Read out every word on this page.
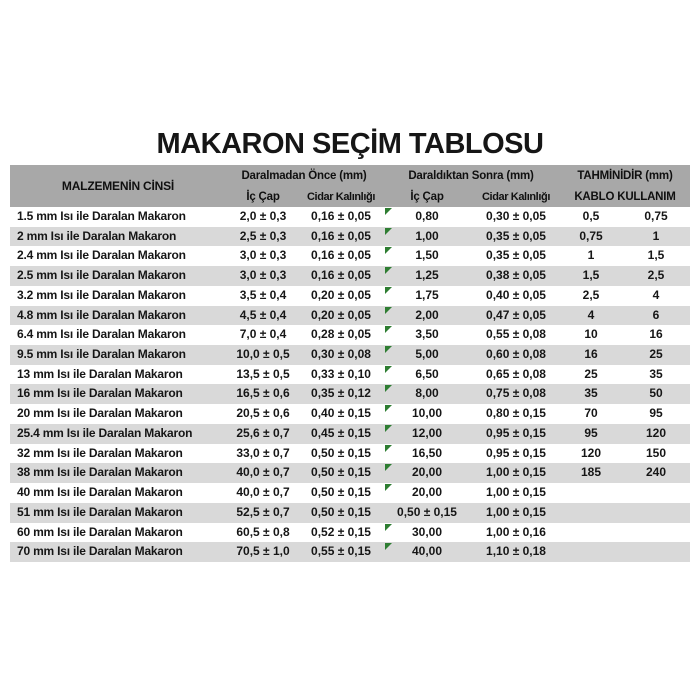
MAKARON SEÇİM TABLOSU
MALZEMENİN CİNSİ
Daralmadan Önce (mm)	Daraldıktan Sonra (mm)	TAHMİNİDİR (mm)
İç Çap	Cidar Kalınlığı	İç Çap	Cidar Kalınlığı	KABLO KULLANIM
1.5 mm Isı ile Daralan Makaron	2,0 ± 0,3	0,16 ± 0,05	0,80	0,30 ± 0,05	0,5	0,75
2 mm Isı ile Daralan Makaron	2,5 ± 0,3	0,16 ± 0,05	1,00	0,35 ± 0,05	0,75	1
2.4 mm Isı ile Daralan Makaron	3,0 ± 0,3	0,16 ± 0,05	1,50	0,35 ± 0,05	1	1,5
2.5 mm Isı ile Daralan Makaron	3,0 ± 0,3	0,16 ± 0,05	1,25	0,38 ± 0,05	1,5	2,5
3.2 mm Isı ile Daralan Makaron	3,5 ± 0,4	0,20 ± 0,05	1,75	0,40 ± 0,05	2,5	4
4.8 mm Isı ile Daralan Makaron	4,5 ± 0,4	0,20 ± 0,05	2,00	0,47 ± 0,05	4	6
6.4 mm Isı ile Daralan Makaron	7,0 ± 0,4	0,28 ± 0,05	3,50	0,55 ± 0,08	10	16
9.5 mm Isı ile Daralan Makaron	10,0 ± 0,5	0,30 ± 0,08	5,00	0,60 ± 0,08	16	25
13 mm Isı ile Daralan Makaron	13,5 ± 0,5	0,33 ± 0,10	6,50	0,65 ± 0,08	25	35
16 mm Isı ile Daralan Makaron	16,5 ± 0,6	0,35 ± 0,12	8,00	0,75 ± 0,08	35	50
20 mm Isı ile Daralan Makaron	20,5 ± 0,6	0,40 ± 0,15	10,00	0,80 ± 0,15	70	95
25.4 mm Isı ile Daralan Makaron	25,6 ± 0,7	0,45 ± 0,15	12,00	0,95 ± 0,15	95	120
32 mm Isı ile Daralan Makaron	33,0 ± 0,7	0,50 ± 0,15	16,50	0,95 ± 0,15	120	150
38 mm Isı ile Daralan Makaron	40,0 ± 0,7	0,50 ± 0,15	20,00	1,00 ± 0,15	185	240
40 mm Isı ile Daralan Makaron	40,0 ± 0,7	0,50 ± 0,15	20,00	1,00 ± 0,15
51 mm Isı ile Daralan Makaron	52,5 ± 0,7	0,50 ± 0,15	0,50 ± 0,15	1,00 ± 0,15
60 mm Isı ile Daralan Makaron	60,5 ± 0,8	0,52 ± 0,15	30,00	1,00 ± 0,16
70 mm Isı ile Daralan Makaron	70,5 ± 1,0	0,55 ± 0,15	40,00	1,10 ± 0,18
